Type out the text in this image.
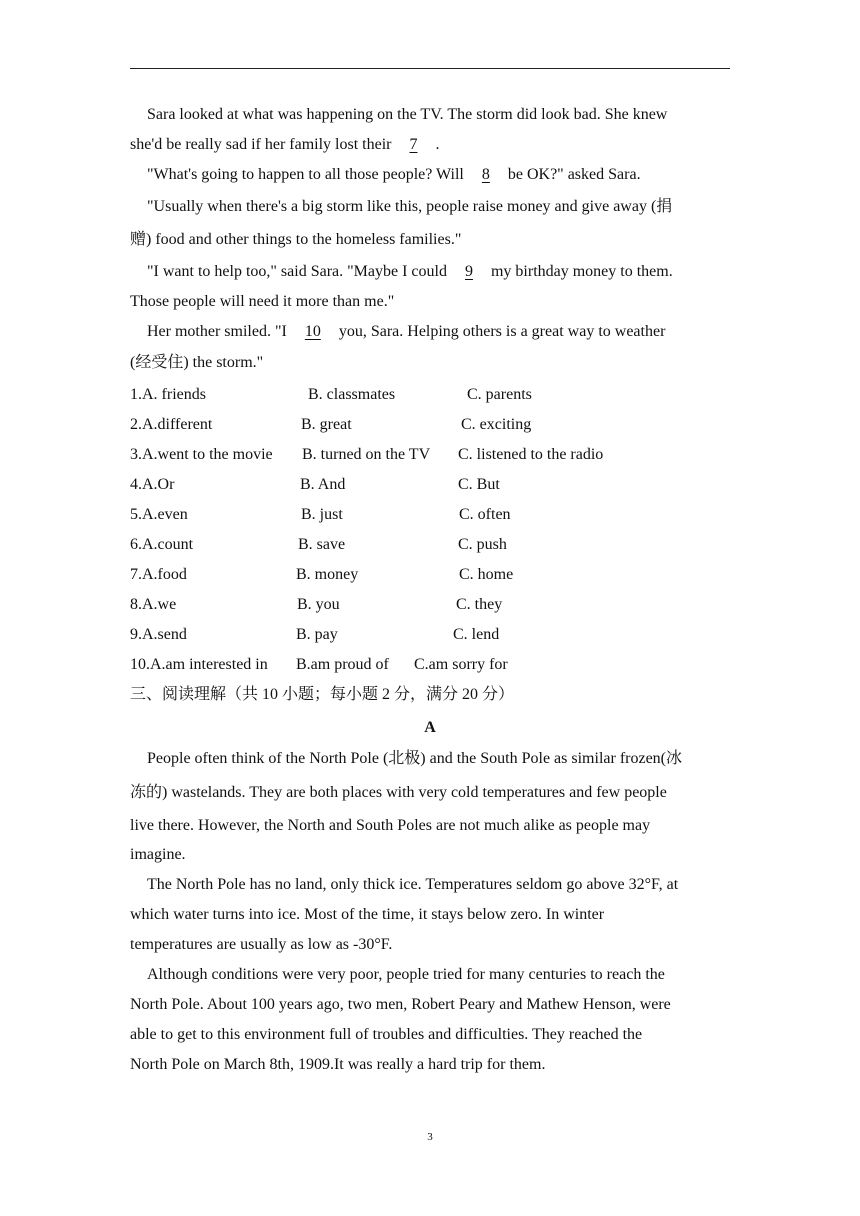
Sara looked at what was happening on the TV. The storm did look bad. She knew
she'd be really sad if her family lost their 7 .
"What's going to happen to all those people? Will 8 be OK?" asked Sara.
"Usually when there's a big storm like this, people raise money and give away (捐
赠) food and other things to the homeless families."
"I want to help too," said Sara. "Maybe I could 9 my birthday money to them.
Those people will need it more than me."
Her mother smiled. "I 10 you, Sara. Helping others is a great way to weather
(经受住) the storm."
1.A. friends	B. classmates	C. parents
2.A.different	B. great	C. exciting
3.A.went to the movie B. turned on the TV C. listened to the radio
4.A.Or	B. And	C. But
5.A.even	B. just	C. often
6.A.count	B. save	C. push
7.A.food	B. money	C. home
8.A.we	B. you	C. they
9.A.send	B. pay	C. lend
10.A.am interested in B.am proud of C.am sorry for
三、阅读理解（共 10 小题；每小题 2 分，满分 20 分）
A
People often think of the North Pole (北极) and the South Pole as similar frozen(冰
冻的) wastelands. They are both places with very cold temperatures and few people
live there. However, the North and South Poles are not much alike as people may
imagine.
The North Pole has no land, only thick ice. Temperatures seldom go above 32°F, at
which water turns into ice. Most of the time, it stays below zero. In winter
temperatures are usually as low as -30°F.
Although conditions were very poor, people tried for many centuries to reach the
North Pole. About 100 years ago, two men, Robert Peary and Mathew Henson, were
able to get to this environment full of troubles and difficulties. They reached the
North Pole on March 8th, 1909.It was really a hard trip for them.
3
